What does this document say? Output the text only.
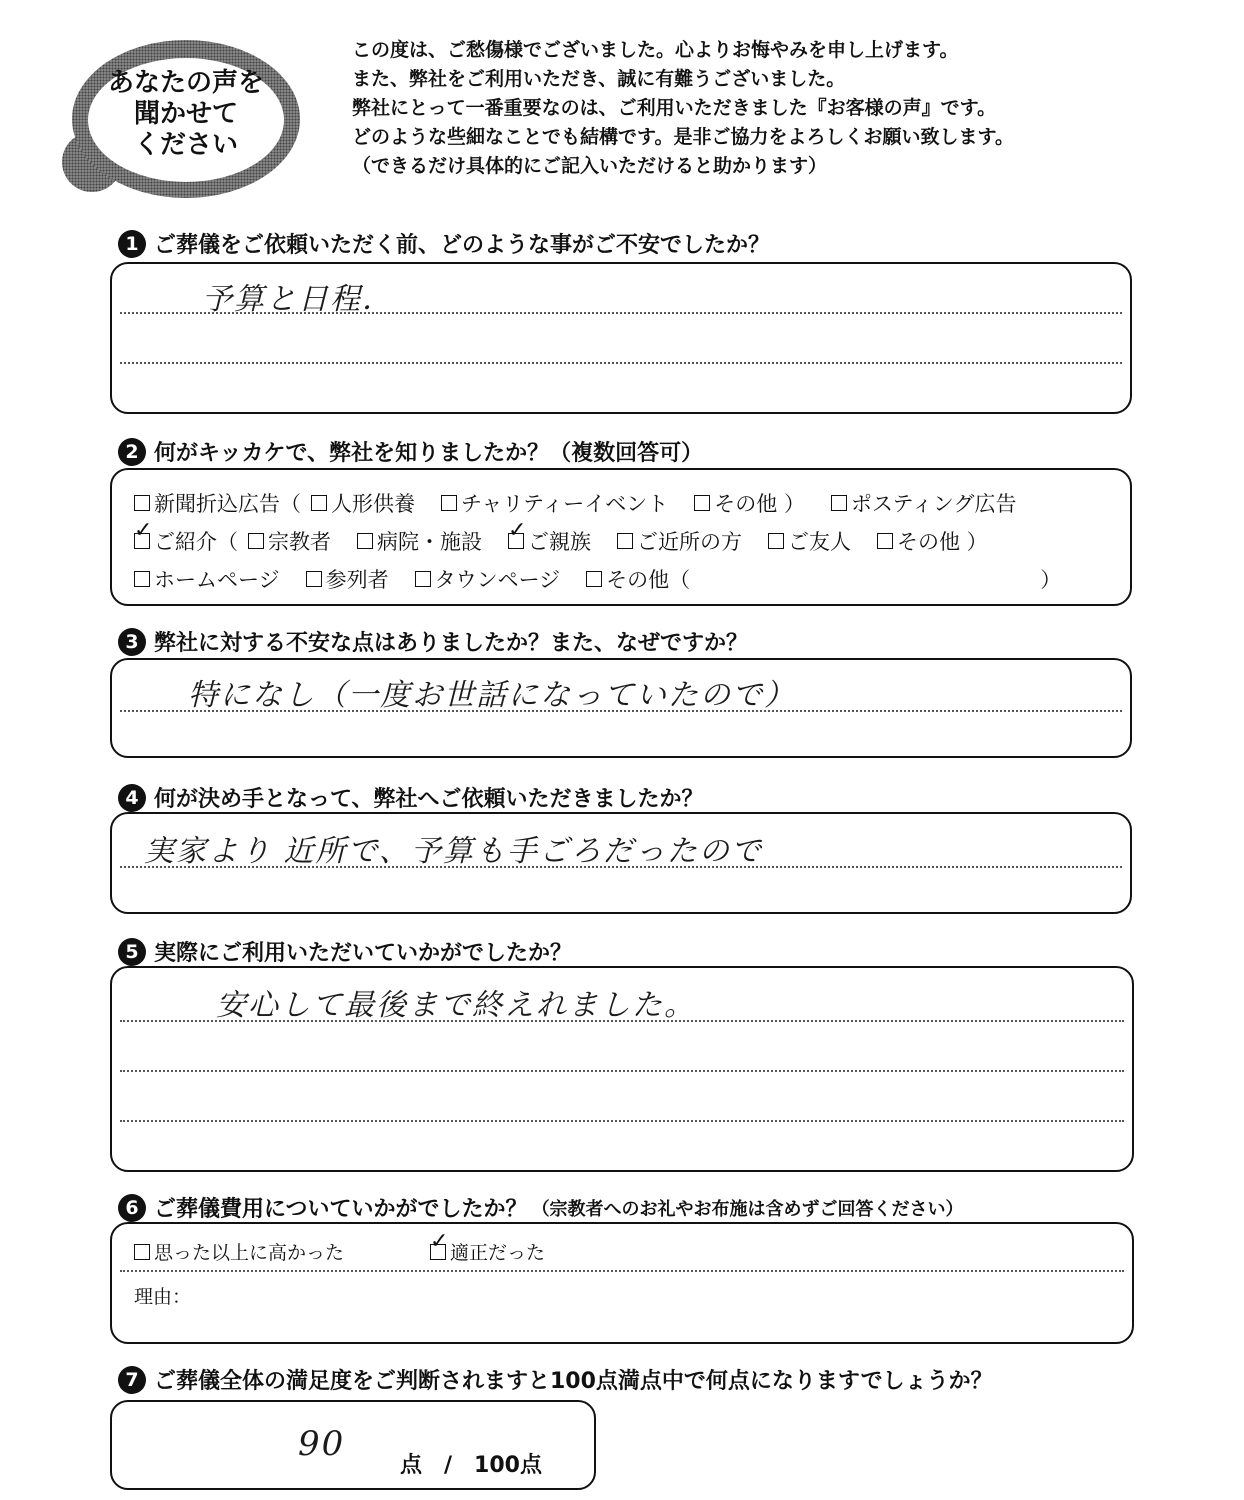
あなたの声を
聞かせて
ください
この度は、ご愁傷様でございました。心よりお悔やみを申し上げます。
また、弊社をご利用いただき、誠に有難うございました。
弊社にとって一番重要なのは、ご利用いただきました『お客様の声』です。
どのような些細なことでも結構です。是非ご協力をよろしくお願い致します。
（できるだけ具体的にご記入いただけると助かります）
1 ご葬儀をご依頼いただく前、どのような事がご不安でしたか？
予算と日程．
2 何がキッカケで、弊社を知りましたか？（複数回答可）
新聞折込広告（ 人形供養 チャリティーイベント その他 ） ポスティング広告
✓
ご紹介（ 宗教者 病院・施設 ✓ ご親族 ご近所の方 ご友人 その他 ）
ホームページ 参列者 タウンページ その他（	）
3 弊社に対する不安な点はありましたか？また、なぜですか？
特になし（一度お世話になっていたので）
4 何が決め手となって、弊社へご依頼いただきましたか？
実家より 近所で、予算も手ごろだったので
5 実際にご利用いただいていかがでしたか？
安心して最後まで終えれました。
6 ご葬儀費用についていかがでしたか？ （宗教者へのお礼やお布施は含めずご回答ください）
思った以上に高かった ✓	適正だった
理由：
7 ご葬儀全体の満足度をご判断されますと100点満点中で何点になりますでしょうか？
90
点　/　100点
